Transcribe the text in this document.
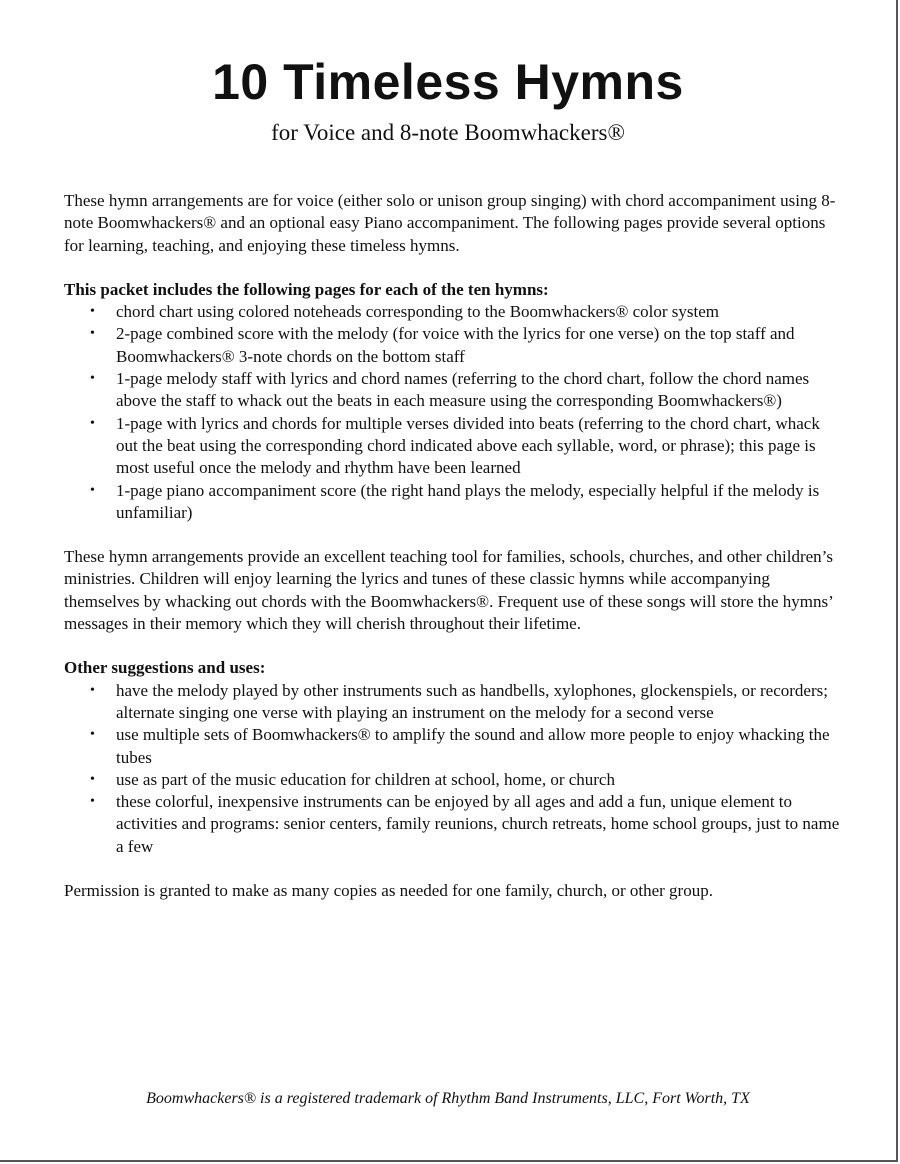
10 Timeless Hymns

for Voice and 8-note Boomwhackers®

These hymn arrangements are for voice (either solo or unison group singing) with chord accompaniment using 8-note Boomwhackers® and an optional easy Piano accompaniment. The following pages provide several options for learning, teaching, and enjoying these timeless hymns.

This packet includes the following pages for each of the ten hymns:

• chord chart using colored noteheads corresponding to the Boomwhackers® color system
• 2-page combined score with the melody (for voice with the lyrics for one verse) on the top staff and Boomwhackers® 3-note chords on the bottom staff
• 1-page melody staff with lyrics and chord names (referring to the chord chart, follow the chord names above the staff to whack out the beats in each measure using the corresponding Boomwhackers®)
• 1-page with lyrics and chords for multiple verses divided into beats (referring to the chord chart, whack out the beat using the corresponding chord indicated above each syllable, word, or phrase); this page is most useful once the melody and rhythm have been learned
• 1-page piano accompaniment score (the right hand plays the melody, especially helpful if the melody is unfamiliar)

These hymn arrangements provide an excellent teaching tool for families, schools, churches, and other children’s ministries. Children will enjoy learning the lyrics and tunes of these classic hymns while accompanying themselves by whacking out chords with the Boomwhackers®. Frequent use of these songs will store the hymns’ messages in their memory which they will cherish throughout their lifetime.

Other suggestions and uses:

• have the melody played by other instruments such as handbells, xylophones, glockenspiels, or recorders; alternate singing one verse with playing an instrument on the melody for a second verse
• use multiple sets of Boomwhackers® to amplify the sound and allow more people to enjoy whacking the tubes
• use as part of the music education for children at school, home, or church
• these colorful, inexpensive instruments can be enjoyed by all ages and add a fun, unique element to activities and programs: senior centers, family reunions, church retreats, home school groups, just to name a few

Permission is granted to make as many copies as needed for one family, church, or other group.

Boomwhackers® is a registered trademark of Rhythm Band Instruments, LLC, Fort Worth, TX
